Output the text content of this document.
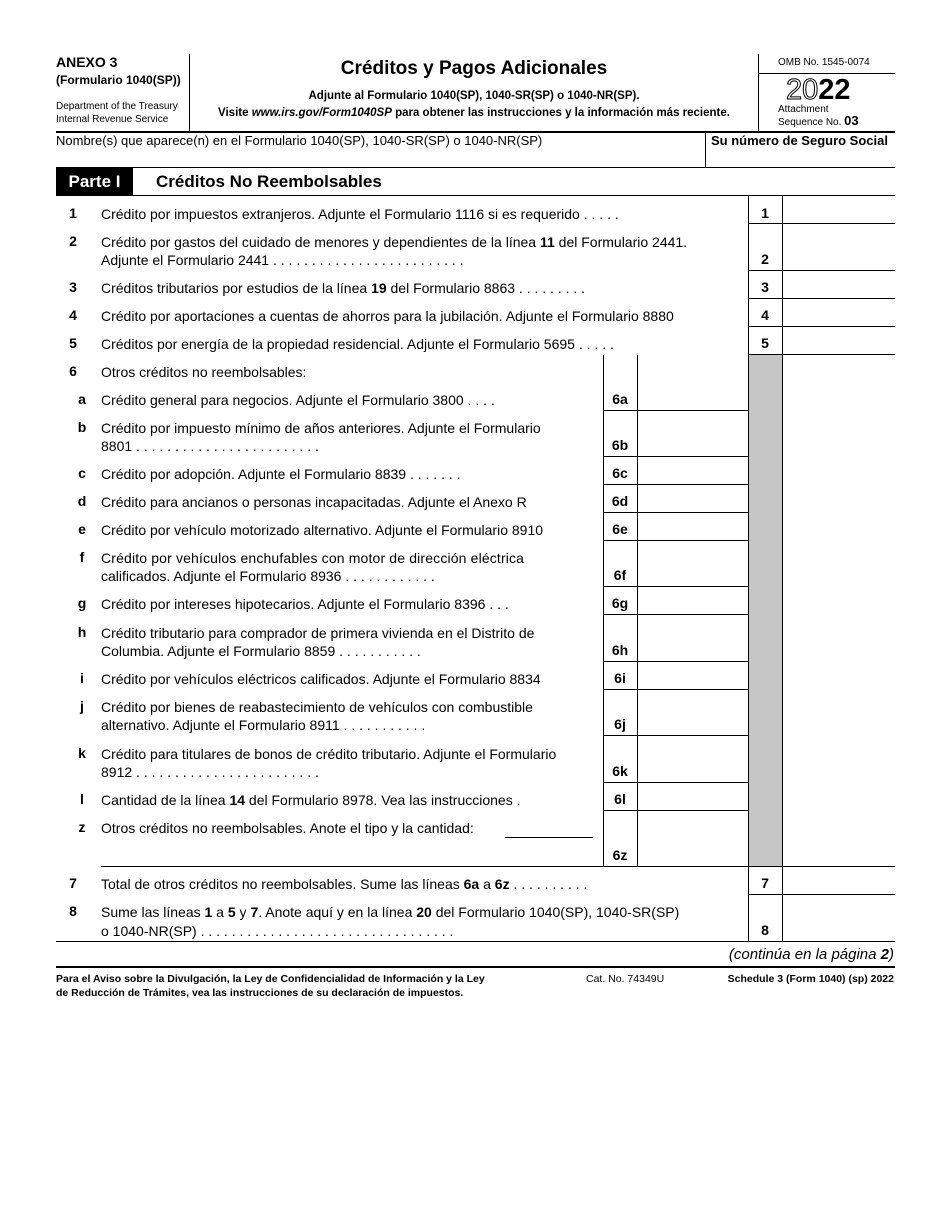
ANEXO 3
(Formulario 1040(SP))
Department of the Treasury
Internal Revenue Service
Créditos y Pagos Adicionales
Adjunte al Formulario 1040(SP), 1040-SR(SP) o 1040-NR(SP).
Visite www.irs.gov/Form1040SP para obtener las instrucciones y la información más reciente.
OMB No. 1545-0074
2022
Attachment
Sequence No. 03
Nombre(s) que aparece(n) en el Formulario 1040(SP), 1040-SR(SP) o 1040-NR(SP)	Su número de Seguro Social
Parte I	Créditos No Reembolsables
1	Crédito por impuestos extranjeros. Adjunte el Formulario 1116 si es requerido . . . . .	1
2	Crédito por gastos del cuidado de menores y dependientes de la línea 11 del Formulario 2441.
Adjunte el Formulario 2441 . . . . . . . . . . . . . . . . . . . . . . . . .	2
3	Créditos tributarios por estudios de la línea 19 del Formulario 8863 . . . . . . . . .	3
4	Crédito por aportaciones a cuentas de ahorros para la jubilación. Adjunte el Formulario 8880	4
5	Créditos por energía de la propiedad residencial. Adjunte el Formulario 5695 . . . . .	5
6	Otros créditos no reembolsables:
a	Crédito general para negocios. Adjunte el Formulario 3800 . . . .	6a
b	Crédito por impuesto mínimo de años anteriores. Adjunte el Formulario
8801 . . . . . . . . . . . . . . . . . . . . . . . .	6b
c	Crédito por adopción. Adjunte el Formulario 8839 . . . . . . .	6c
d	Crédito para ancianos o personas incapacitadas. Adjunte el Anexo R	6d
e	Crédito por vehículo motorizado alternativo. Adjunte el Formulario 8910	6e
f	Crédito por vehículos enchufables con motor de dirección eléctrica
calificados. Adjunte el Formulario 8936 . . . . . . . . . . . .	6f
g	Crédito por intereses hipotecarios. Adjunte el Formulario 8396 . . .	6g
h	Crédito tributario para comprador de primera vivienda en el Distrito de
Columbia. Adjunte el Formulario 8859 . . . . . . . . . . .	6h
i	Crédito por vehículos eléctricos calificados. Adjunte el Formulario 8834	6i
j	Crédito por bienes de reabastecimiento de vehículos con combustible
alternativo. Adjunte el Formulario 8911 . . . . . . . . . . .	6j
k	Crédito para titulares de bonos de crédito tributario. Adjunte el Formulario
8912 . . . . . . . . . . . . . . . . . . . . . . . .	6k
l	Cantidad de la línea 14 del Formulario 8978. Vea las instrucciones .	6l
z	Otros créditos no reembolsables. Anote el tipo y la cantidad:
6z
7	Total de otros créditos no reembolsables. Sume las líneas 6a a 6z . . . . . . . . . .	7
8	Sume las líneas 1 a 5 y 7. Anote aquí y en la línea 20 del Formulario 1040(SP), 1040-SR(SP)
o 1040-NR(SP) . . . . . . . . . . . . . . . . . . . . . . . . . . . . . . . . .	8
(continúa en la página 2)
Para el Aviso sobre la Divulgación, la Ley de Confidencialidad de Información y la Ley
de Reducción de Trámites, vea las instrucciones de su declaración de impuestos.
Cat. No. 74349U	Schedule 3 (Form 1040) (sp) 2022
